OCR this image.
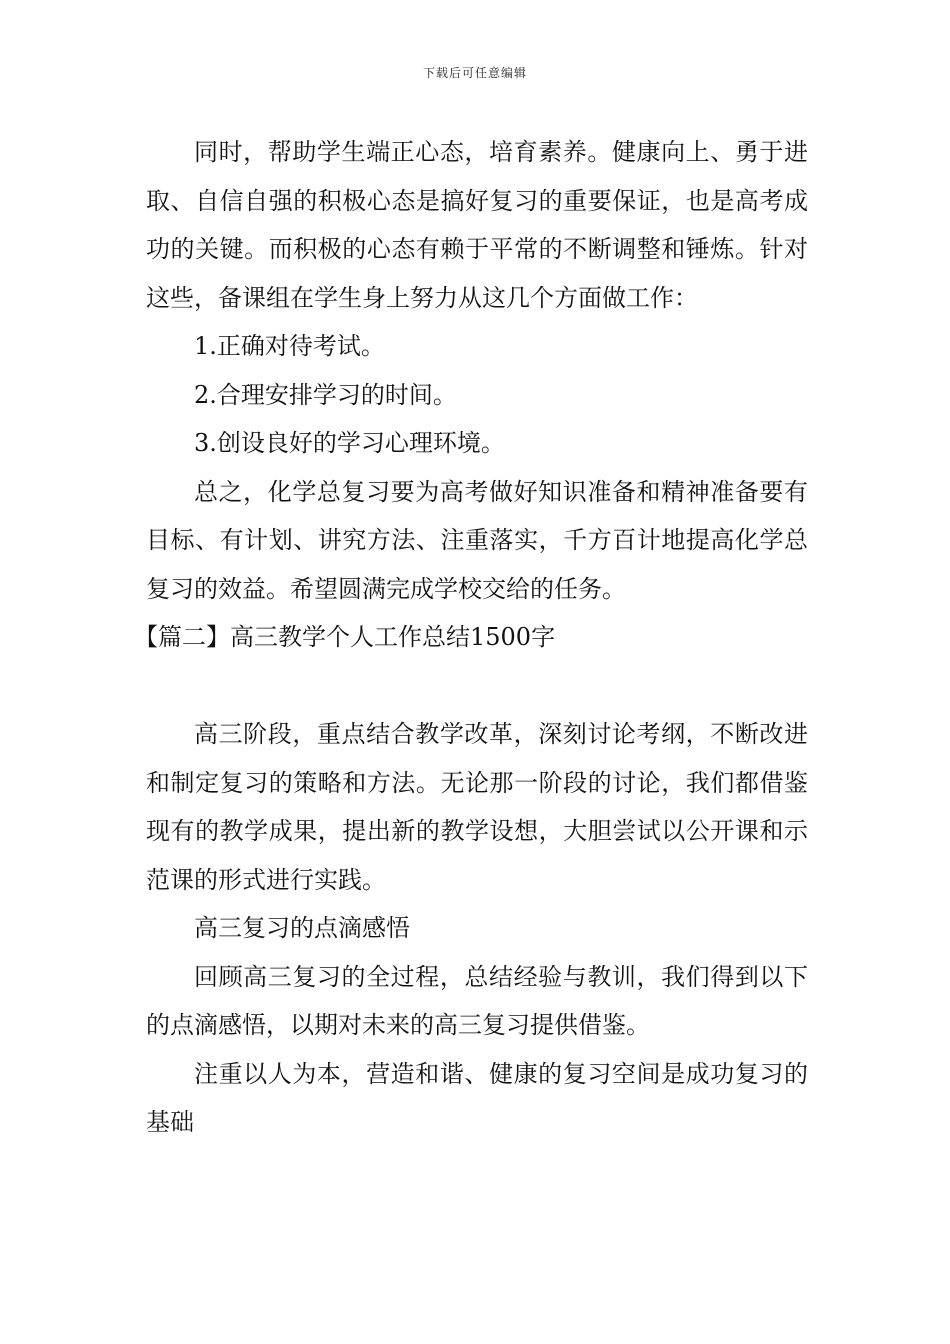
下载后可任意编辑

同时，帮助学生端正心态，培育素养。健康向上、勇于进取、自信自强的积极心态是搞好复习的重要保证，也是高考成功的关键。而积极的心态有赖于平常的不断调整和锤炼。针对这些，备课组在学生身上努力从这几个方面做工作：

1.正确对待考试。

2.合理安排学习的时间。

3.创设良好的学习心理环境。

总之，化学总复习要为高考做好知识准备和精神准备要有目标、有计划、讲究方法、注重落实，千方百计地提高化学总复习的效益。希望圆满完成学校交给的任务。

【篇二】高三教学个人工作总结1500字

高三阶段，重点结合教学改革，深刻讨论考纲，不断改进和制定复习的策略和方法。无论那一阶段的讨论，我们都借鉴现有的教学成果，提出新的教学设想，大胆尝试以公开课和示范课的形式进行实践。

高三复习的点滴感悟

回顾高三复习的全过程，总结经验与教训，我们得到以下的点滴感悟，以期对未来的高三复习提供借鉴。

注重以人为本，营造和谐、健康的复习空间是成功复习的基础
